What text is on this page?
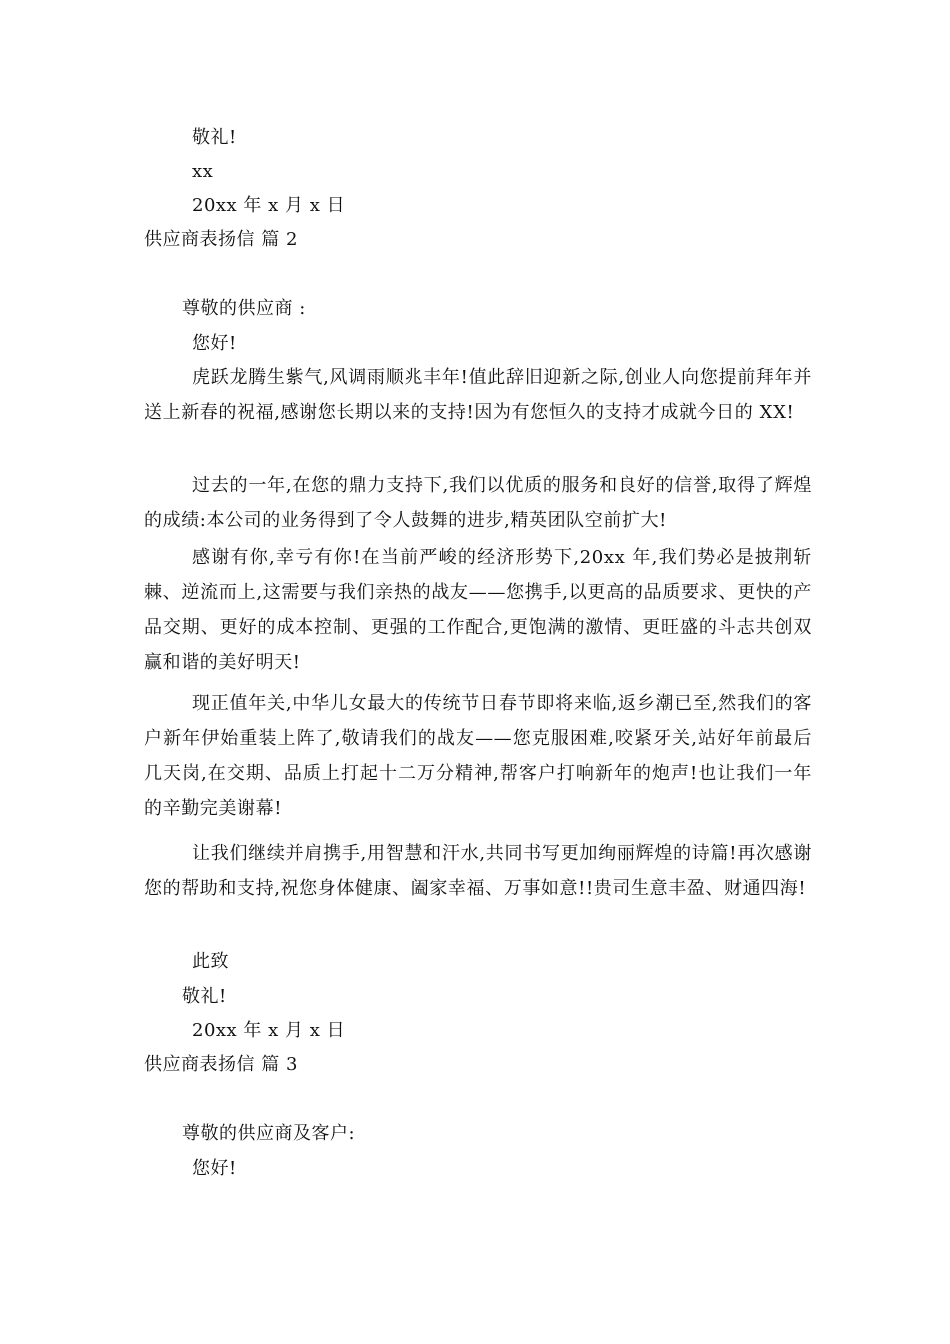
敬礼!
xx
20xx 年 x 月 x 日
供应商表扬信 篇 2
尊敬的供应商 :
您好!
虎跃龙腾生紫气,风调雨顺兆丰年!值此辞旧迎新之际,创业人向您提前拜年并送上新春的祝福,感谢您长期以来的支持!因为有您恒久的支持才成就今日的 XX!
过去的一年,在您的鼎力支持下,我们以优质的服务和良好的信誉,取得了辉煌的成绩:本公司的业务得到了令人鼓舞的进步,精英团队空前扩大!
感谢有你,幸亏有你!在当前严峻的经济形势下,20xx 年,我们势必是披荆斩棘、逆流而上,这需要与我们亲热的战友——您携手,以更高的品质要求、更快的产品交期、更好的成本控制、更强的工作配合,更饱满的激情、更旺盛的斗志共创双赢和谐的美好明天!
现正值年关,中华儿女最大的传统节日春节即将来临,返乡潮已至,然我们的客户新年伊始重装上阵了,敬请我们的战友——您克服困难,咬紧牙关,站好年前最后几天岗,在交期、品质上打起十二万分精神,帮客户打响新年的炮声!也让我们一年的辛勤完美谢幕!
让我们继续并肩携手,用智慧和汗水,共同书写更加绚丽辉煌的诗篇!再次感谢您的帮助和支持,祝您身体健康、阖家幸福、万事如意!!贵司生意丰盈、财通四海!
此致
敬礼!
20xx 年 x 月 x 日
供应商表扬信 篇 3
尊敬的供应商及客户:
您好!
